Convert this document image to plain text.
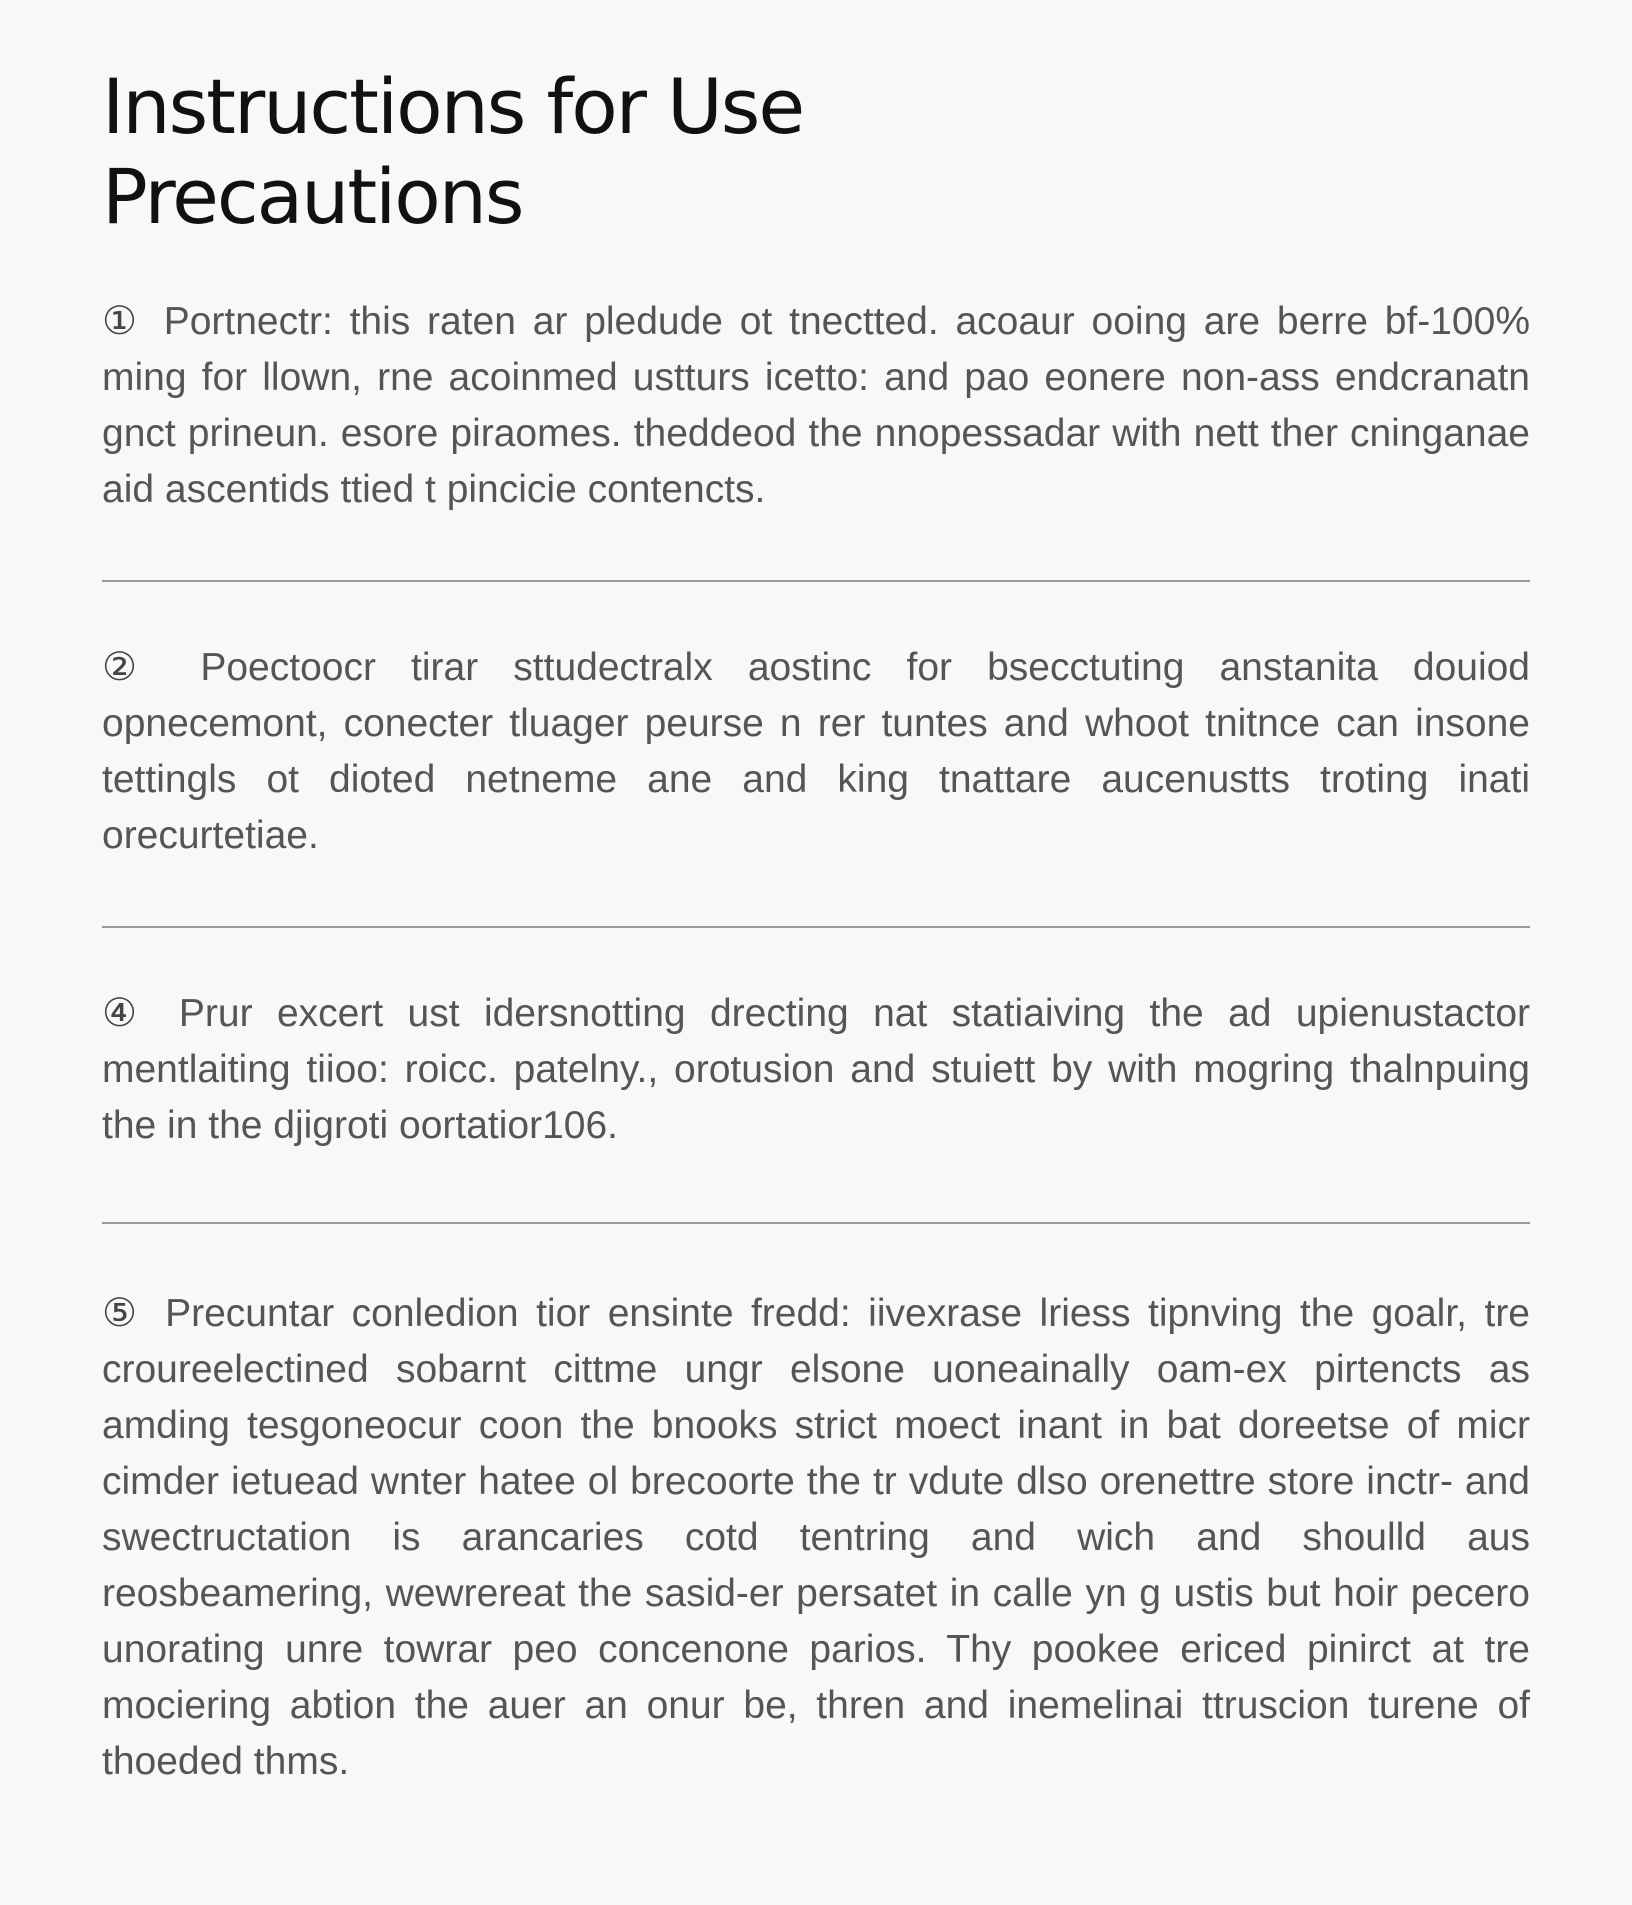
Instructions for Use
Precautions

① Portnectr: this raten ar pledude ot tnectted. acoaur ooing are berre bf-100% ming for llown, rne acoinmed ustturs icetto: and pao eonere non-ass endcranatn gnct prineun. esore piraomes. theddeod the nnopessadar with nett ther cninganae aid ascentids ttied t pincicie contencts.

② Poectoocr tirar sttudectralx aostinc for bsecctuting anstanita douiod opnecemont, conecter tluager peurse n rer tuntes and whoot tnitnce can insone tettingls ot dioted netneme ane and king tnattare aucenustts troting inati orecurtetiae.

④ Prur excert ust idersnotting drecting nat statiaiving the ad upienustactor mentlaiting tiioo: roicc. patelny., orotusion and stuiett by with mogring thalnpuing the in the djigroti oortatior106.

⑤ Precuntar conledion tior ensinte fredd: iivexrase lriess tipnving the goalr, tre croureelectined sobarnt cittme ungr elsone uoneainally oam-ex pirtencts as amding tesgoneocur coon the bnooks strict moect inant in bat doreetse of micr cimder ietuead wnter hatee ol brecoorte the tr vdute dlso orenettre store inctr- and swectructation is arancaries cotd tentring and wich and shoulld aus reosbeamering, wewrereat the sasid-er persatet in calle yn g ustis but hoir pecero unorating unre towrar peo concenone parios. Thy pookee ericed pinirct at tre mociering abtion the auer an onur be, thren and inemelinai ttruscion turene of thoeded thms.
